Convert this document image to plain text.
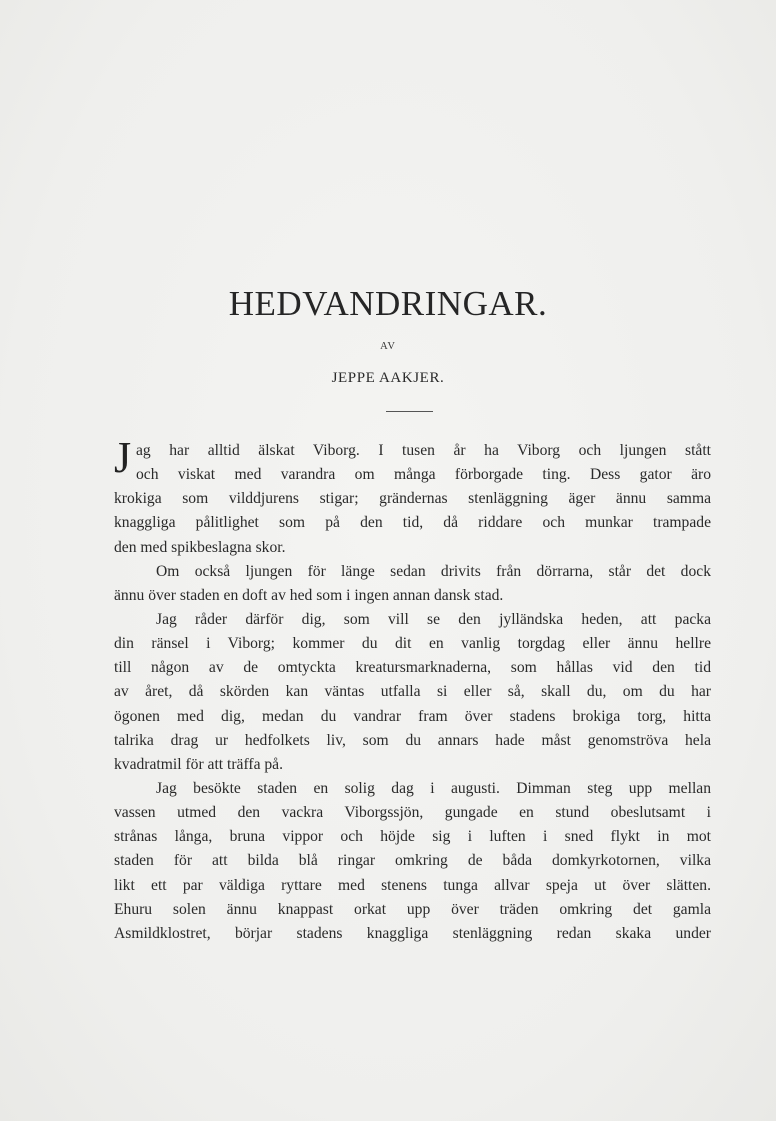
HEDVANDRINGAR.
AV
JEPPE AAKJER.
J ag har alltid älskat Viborg. I tusen år ha Viborg och ljungen stått
och viskat med varandra om många förborgade ting. Dess gator äro
krokiga som vilddjurens stigar; grändernas stenläggning äger ännu samma
knaggliga pålitlighet som på den tid, då riddare och munkar trampade
den med spikbeslagna skor.
Om också ljungen för länge sedan drivits från dörrarna, står det dock
ännu över staden en doft av hed som i ingen annan dansk stad.
Jag råder därför dig, som vill se den jylländska heden, att packa
din ränsel i Viborg; kommer du dit en vanlig torgdag eller ännu hellre
till någon av de omtyckta kreatursmarknaderna, som hållas vid den tid
av året, då skörden kan väntas utfalla si eller så, skall du, om du har
ögonen med dig, medan du vandrar fram över stadens brokiga torg, hitta
talrika drag ur hedfolkets liv, som du annars hade måst genomströva hela
kvadratmil för att träffa på.
Jag besökte staden en solig dag i augusti. Dimman steg upp mellan
vassen utmed den vackra Viborgssjön, gungade en stund obeslutsamt i
strånas långa, bruna vippor och höjde sig i luften i sned flykt in mot
staden för att bilda blå ringar omkring de båda domkyrkotornen, vilka
likt ett par väldiga ryttare med stenens tunga allvar speja ut över slätten.
Ehuru solen ännu knappast orkat upp över träden omkring det gamla
Asmildklostret, börjar stadens knaggliga stenläggning redan skaka under
